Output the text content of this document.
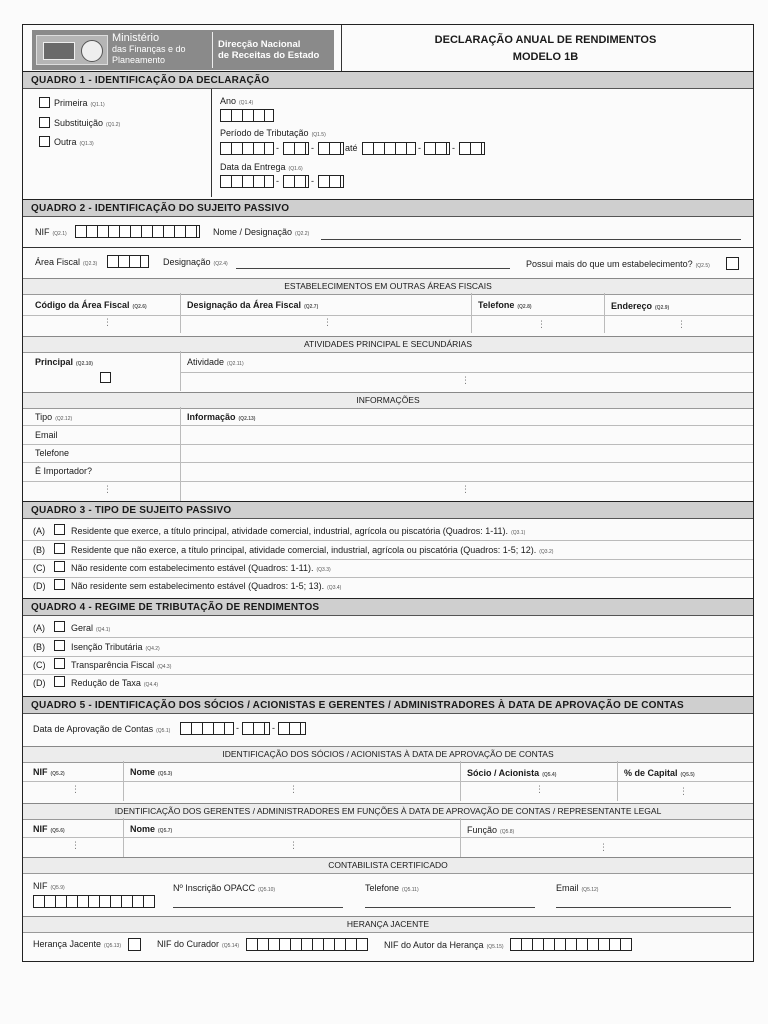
Ministério
das Finanças e do
Planeamento
Direcção Nacional
de Receitas do Estado
DECLARAÇÃO ANUAL DE RENDIMENTOS
MODELO 1B
QUADRO 1 - IDENTIFICAÇÃO DA DECLARAÇÃO
Primeira (Q1.1)
Substituição (Q1.2)
Outra (Q1.3)
Ano (Q1.4)
Período de Tributação (Q1.5)
-	-	até	-	-
Data da Entrega (Q1.6)
-	-
QUADRO 2 - IDENTIFICAÇÃO DO SUJEITO PASSIVO
NIF (Q2.1)	Nome / Designação (Q2.2)
Área Fiscal (Q2.3)	Designação (Q2.4)	Possui mais do que um estabelecimento? (Q2.5)
ESTABELECIMENTOS EM OUTRAS ÁREAS FISCAIS
Código da Área Fiscal (Q2.6)	Designação da Área Fiscal (Q2.7)	Telefone (Q2.8)	Endereço (Q2.9)
⋮	⋮	⋮	⋮
ATIVIDADES PRINCIPAL E SECUNDÁRIAS
Principal (Q2.10)	Atividade (Q2.11)
⋮
INFORMAÇÕES
Tipo (Q2.12)	Informação (Q2.13)
Email
Telefone
É Importador?
⋮	⋮
QUADRO 3 - TIPO DE SUJEITO PASSIVO
(A)	Residente que exerce, a título principal, atividade comercial, industrial, agrícola ou piscatória (Quadros: 1-11). (Q3.1)
(B)	Residente que não exerce, a título principal, atividade comercial, industrial, agrícola ou piscatória (Quadros: 1-5; 12). (Q3.2)
(C)	Não residente com estabelecimento estável (Quadros: 1-11). (Q3.3)
(D)	Não residente sem estabelecimento estável (Quadros: 1-5; 13). (Q3.4)
QUADRO 4 - REGIME DE TRIBUTAÇÃO DE RENDIMENTOS
(A)	Geral (Q4.1)
(B)	Isenção Tributária (Q4.2)
(C)	Transparência Fiscal (Q4.3)
(D)	Redução de Taxa (Q4.4)
QUADRO 5 - IDENTIFICAÇÃO DOS SÓCIOS / ACIONISTAS E GERENTES / ADMINISTRADORES À DATA DE APROVAÇÃO DE CONTAS
Data de Aprovação de Contas (Q5.1)	-	-
IDENTIFICAÇÃO DOS SÓCIOS / ACIONISTAS À DATA DE APROVAÇÃO DE CONTAS
NIF (Q5.2)	Nome (Q5.3)	Sócio / Acionista (Q5.4)	% de Capital (Q5.5)
⋮	⋮	⋮	⋮
IDENTIFICAÇÃO DOS GERENTES / ADMINISTRADORES EM FUNÇÕES À DATA DE APROVAÇÃO DE CONTAS / REPRESENTANTE LEGAL
NIF (Q5.6)	Nome (Q5.7)	Função (Q5.8)
⋮	⋮	⋮
CONTABILISTA CERTIFICADO
NIF (Q5.9)	Nº Inscrição OPACC (Q5.10)	Telefone (Q5.11)	Email (Q5.12)
HERANÇA JACENTE
Herança Jacente (Q5.13)	NIF do Curador (Q5.14)	NIF do Autor da Herança (Q5.15)
